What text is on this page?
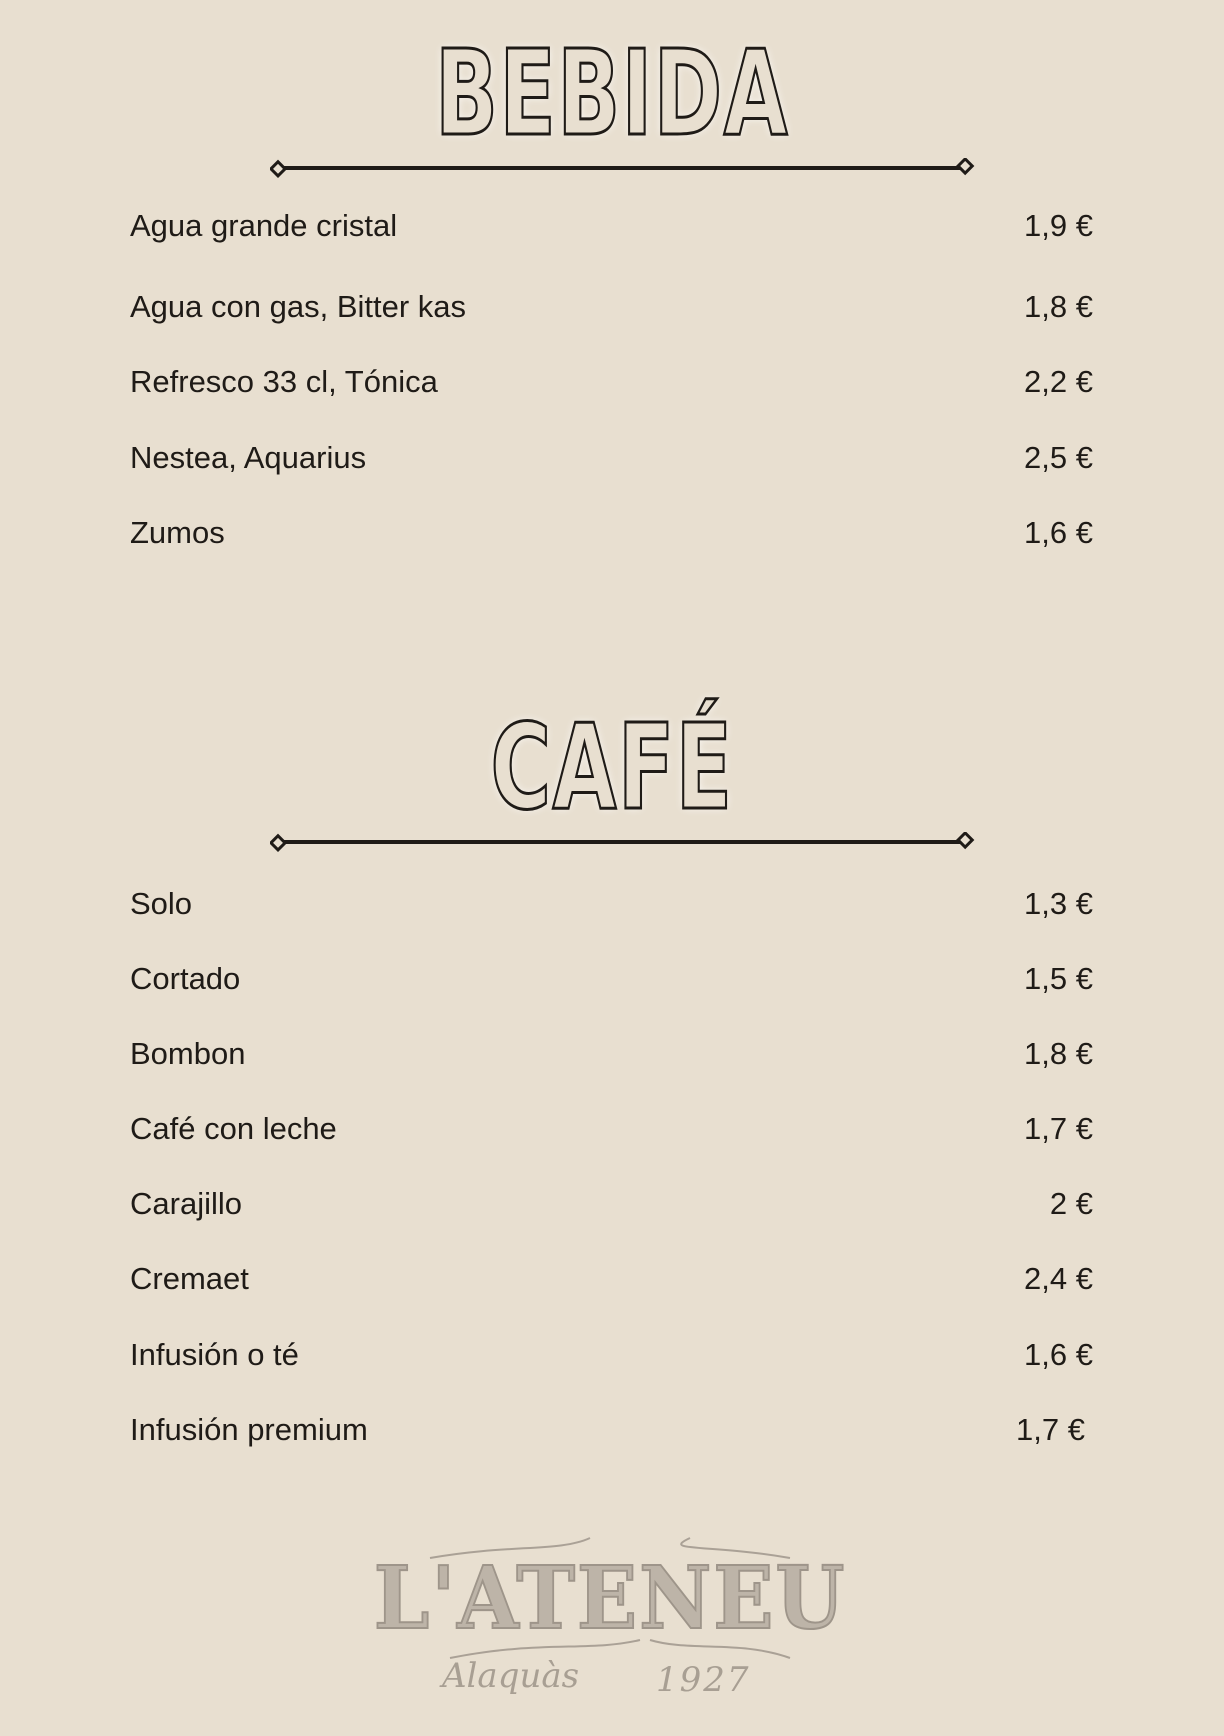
BEBIDA
Agua grande cristal	1,9 €
Agua con gas, Bitter kas	1,8 €
Refresco 33 cl, Tónica	2,2 €
Nestea, Aquarius	2,5 €
Zumos	1,6 €
CAFÉ
Solo	1,3 €
Cortado	1,5 €
Bombon	1,8 €
Café con leche	1,7 €
Carajillo	2 €
Cremaet	2,4 €
Infusión o té	1,6 €
Infusión premium	1,7 €
L'ATENEU
Alaquàs 1927
